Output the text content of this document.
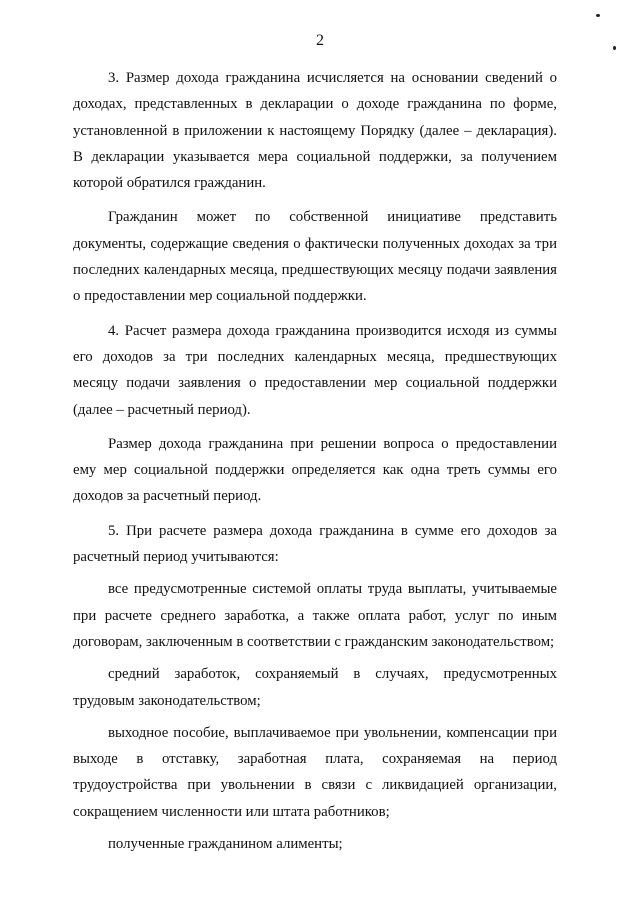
2

3. Размер дохода гражданина исчисляется на основании сведений о доходах, представленных в декларации о доходе гражданина по форме, установленной в приложении к настоящему Порядку (далее – декларация). В декларации указывается мера социальной поддержки, за получением которой обратился гражданин.

Гражданин может по собственной инициативе представить документы, содержащие сведения о фактически полученных доходах за три последних календарных месяца, предшествующих месяцу подачи заявления о предоставлении мер социальной поддержки.

4. Расчет размера дохода гражданина производится исходя из суммы его доходов за три последних календарных месяца, предшествующих месяцу подачи заявления о предоставлении мер социальной поддержки (далее – расчетный период).

Размер дохода гражданина при решении вопроса о предоставлении ему мер социальной поддержки определяется как одна треть суммы его доходов за расчетный период.

5. При расчете размера дохода гражданина в сумме его доходов за расчетный период учитываются:

все предусмотренные системой оплаты труда выплаты, учитываемые при расчете среднего заработка, а также оплата работ, услуг по иным договорам, заключенным в соответствии с гражданским законодательством;

средний заработок, сохраняемый в случаях, предусмотренных трудовым законодательством;

выходное пособие, выплачиваемое при увольнении, компенсации при выходе в отставку, заработная плата, сохраняемая на период трудоустройства при увольнении в связи с ликвидацией организации, сокращением численности или штата работников;

полученные гражданином алименты;
